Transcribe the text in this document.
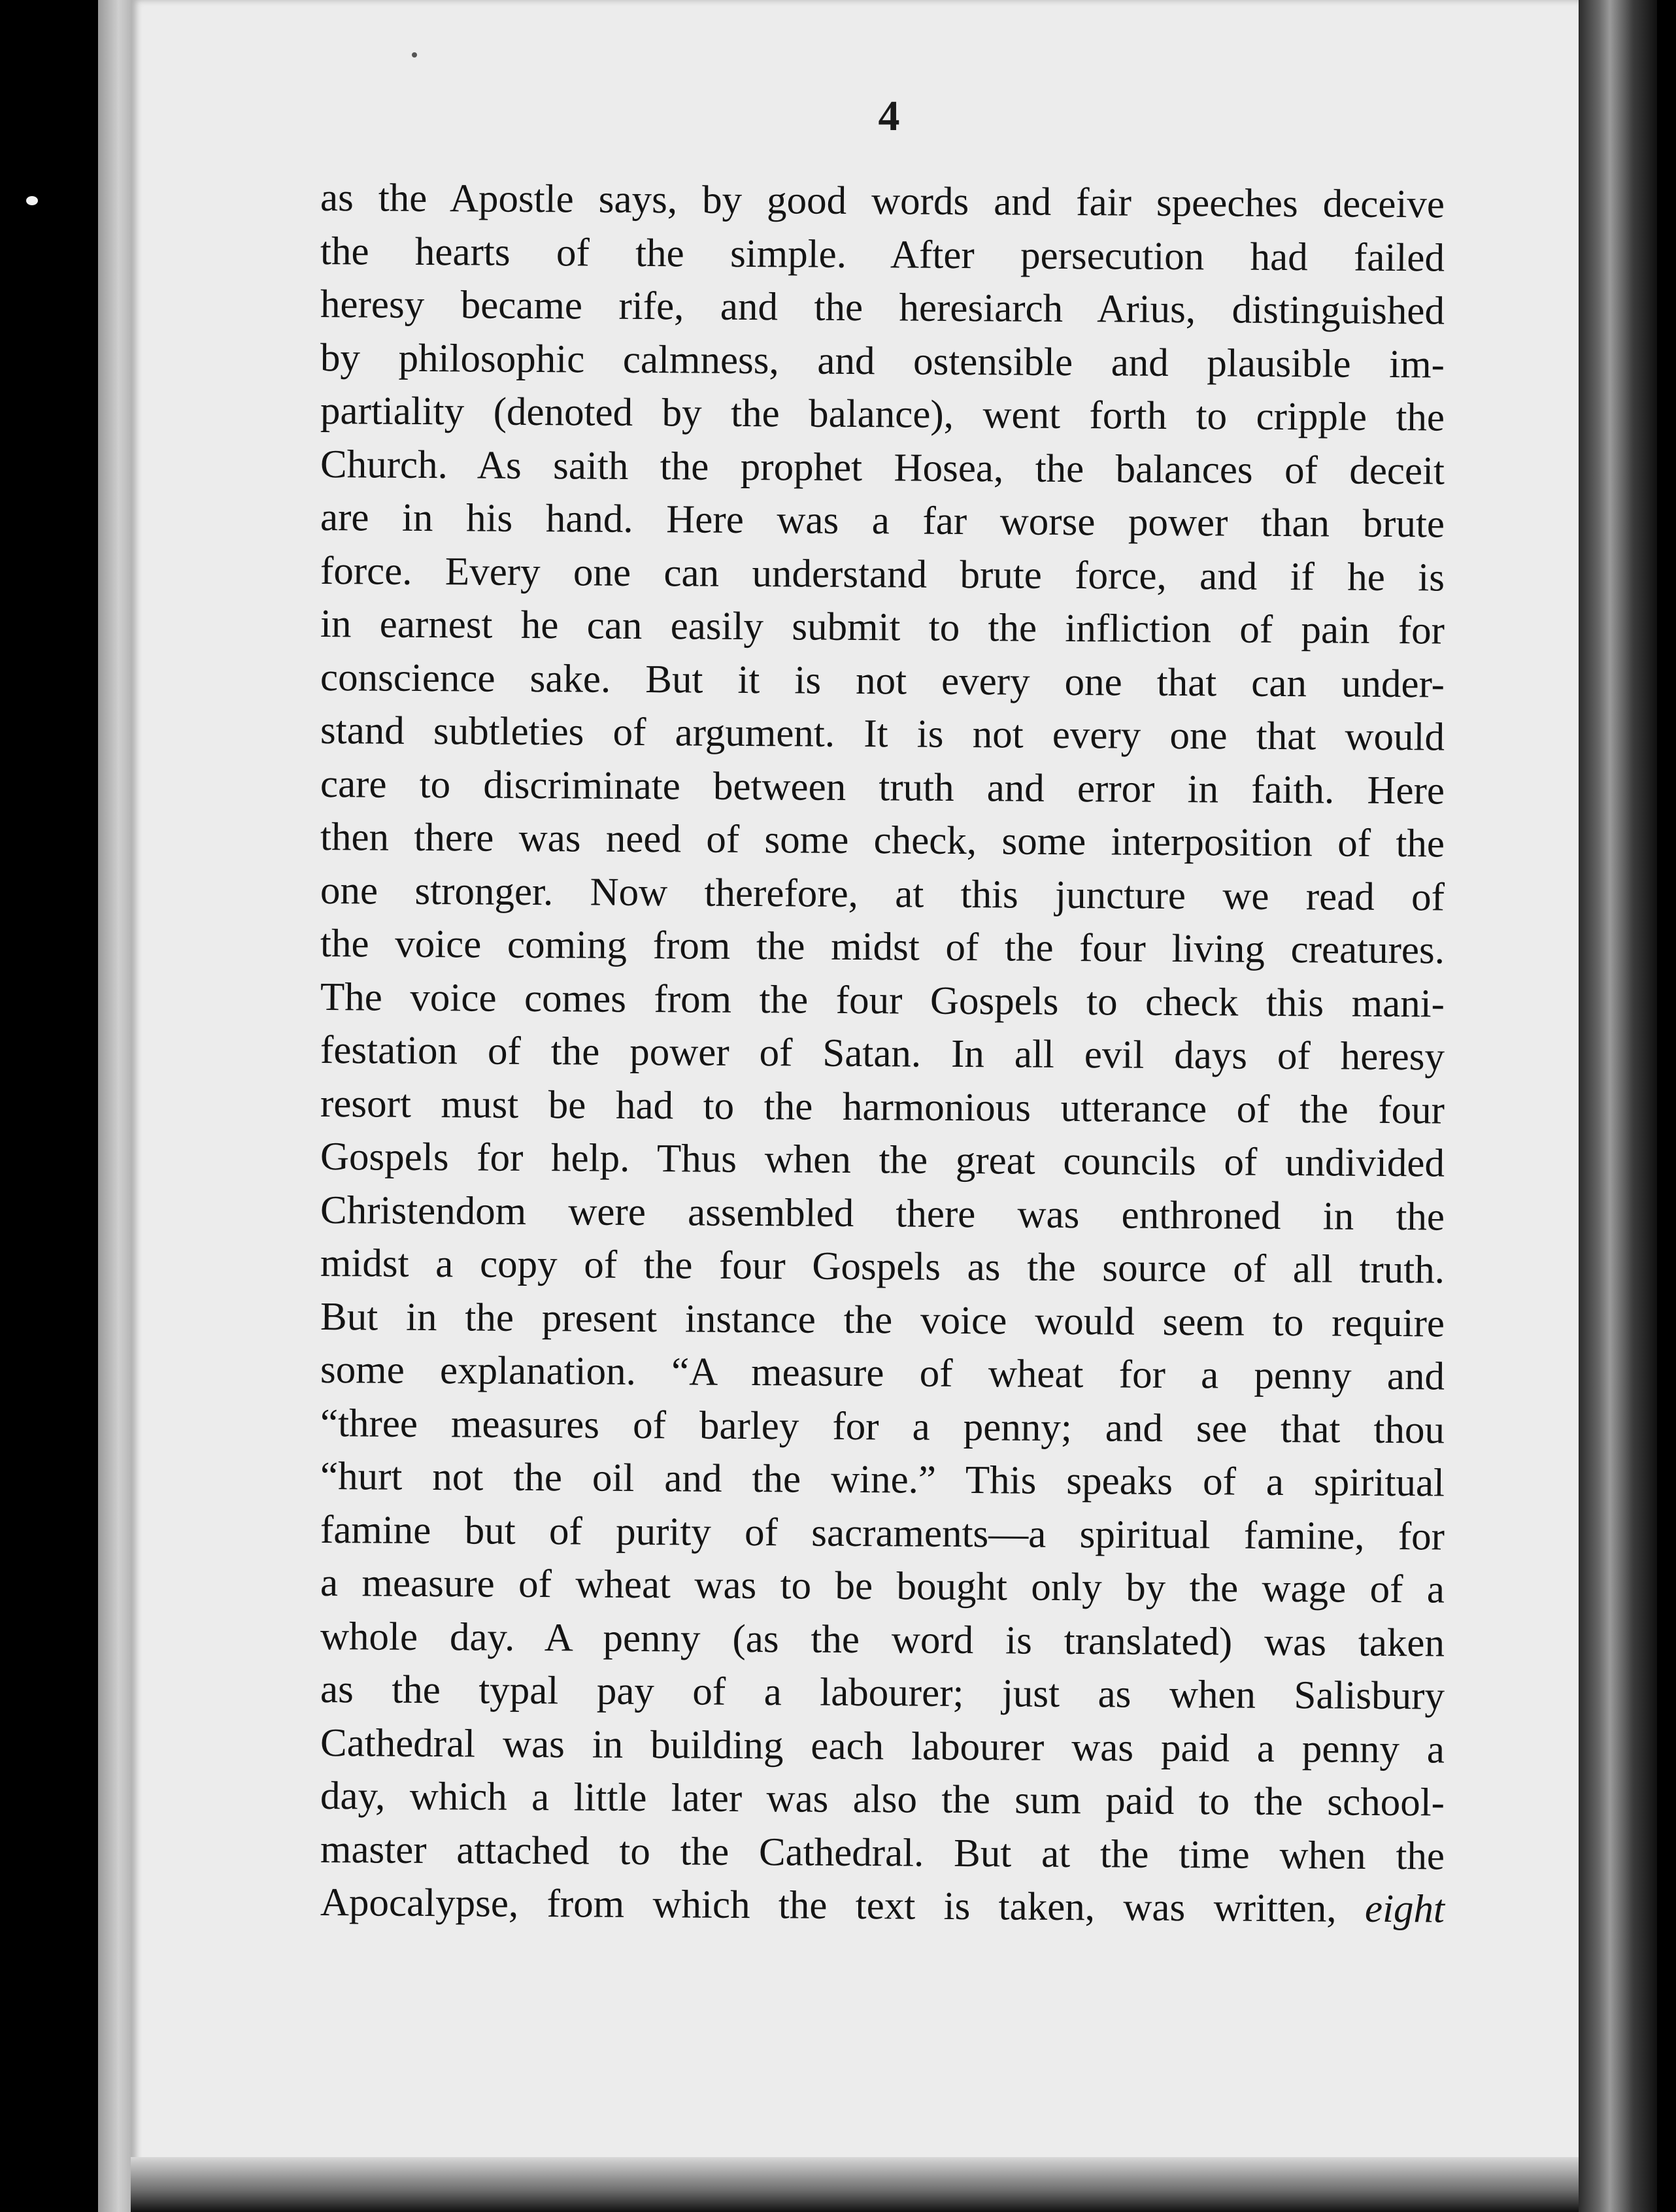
4
as the Apostle says, by good words and fair speeches deceive
the hearts of the simple. After persecution had failed
heresy became rife, and the heresiarch Arius, distinguished
by philosophic calmness, and ostensible and plausible im-
partiality (denoted by the balance), went forth to cripple the
Church. As saith the prophet Hosea, the balances of deceit
are in his hand. Here was a far worse power than brute
force. Every one can understand brute force, and if he is
in earnest he can easily submit to the infliction of pain for
conscience sake. But it is not every one that can under-
stand subtleties of argument. It is not every one that would
care to discriminate between truth and error in faith. Here
then there was need of some check, some interposition of the
one stronger. Now therefore, at this juncture we read of
the voice coming from the midst of the four living creatures.
The voice comes from the four Gospels to check this mani-
festation of the power of Satan. In all evil days of heresy
resort must be had to the harmonious utterance of the four
Gospels for help. Thus when the great councils of undivided
Christendom were assembled there was enthroned in the
midst a copy of the four Gospels as the source of all truth.
But in the present instance the voice would seem to require
some explanation. “A measure of wheat for a penny and
“three measures of barley for a penny; and see that thou
“hurt not the oil and the wine.” This speaks of a spiritual
famine but of purity of sacraments—a spiritual famine, for
a measure of wheat was to be bought only by the wage of a
whole day. A penny (as the word is translated) was taken
as the typal pay of a labourer; just as when Salisbury
Cathedral was in building each labourer was paid a penny a
day, which a little later was also the sum paid to the school-
master attached to the Cathedral. But at the time when the
Apocalypse, from which the text is taken, was written, eight
